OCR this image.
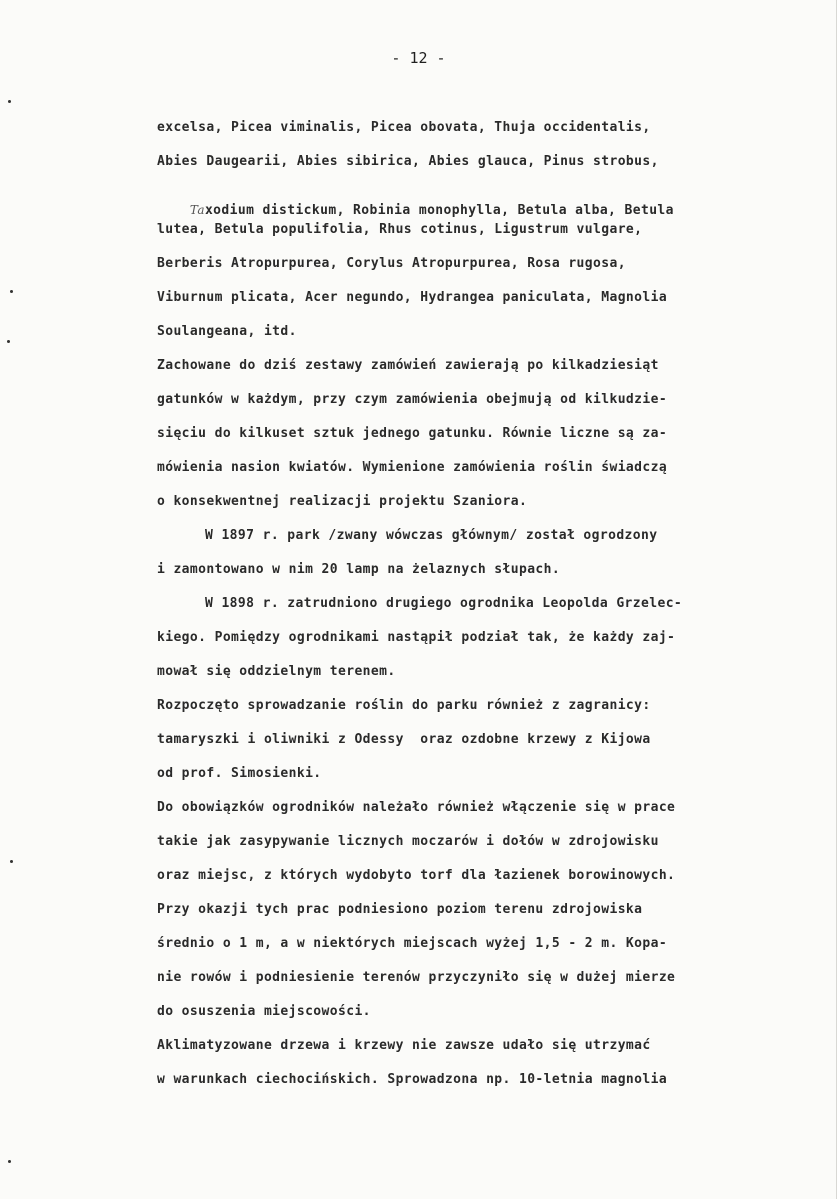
- 12 -
excelsa, Picea viminalis, Picea obovata, Thuja occidentalis,
Abies Daugearii, Abies sibirica, Abies glauca, Pinus strobus,

Taxodium distickum, Robinia monophylla, Betula alba, Betula

lutea, Betula populifolia, Rhus cotinus, Ligustrum vulgare,
Berberis Atropurpurea, Corylus Atropurpurea, Rosa rugosa,
Viburnum plicata, Acer negundo, Hydrangea paniculata, Magnolia
Soulangeana, itd.
Zachowane do dziś zestawy zamówień zawierają po kilkadziesiąt
gatunków w każdym, przy czym zamówienia obejmują od kilkudzie-
sięciu do kilkuset sztuk jednego gatunku. Równie liczne są za-
mówienia nasion kwiatów. Wymienione zamówienia roślin świadczą
o konsekwentnej realizacji projektu Szaniora.
W 1897 r. park /zwany wówczas głównym/ został ogrodzony
i zamontowano w nim 20 lamp na żelaznych słupach.
W 1898 r. zatrudniono drugiego ogrodnika Leopolda Grzelec-
kiego. Pomiędzy ogrodnikami nastąpił podział tak, że każdy zaj-
mował się oddzielnym terenem.
Rozpoczęto sprowadzanie roślin do parku również z zagranicy:
tamaryszki i oliwniki z Odessy  oraz ozdobne krzewy z Kijowa
od prof. Simosienki.
Do obowiązków ogrodników należało również włączenie się w prace
takie jak zasypywanie licznych moczarów i dołów w zdrojowisku
oraz miejsc, z których wydobyto torf dla łazienek borowinowych.
Przy okazji tych prac podniesiono poziom terenu zdrojowiska
średnio o 1 m, a w niektórych miejscach wyżej 1,5 - 2 m. Kopa-
nie rowów i podniesienie terenów przyczyniło się w dużej mierze
do osuszenia miejscowości.
Aklimatyzowane drzewa i krzewy nie zawsze udało się utrzymać
w warunkach ciechocińskich. Sprowadzona np. 10-letnia magnolia
